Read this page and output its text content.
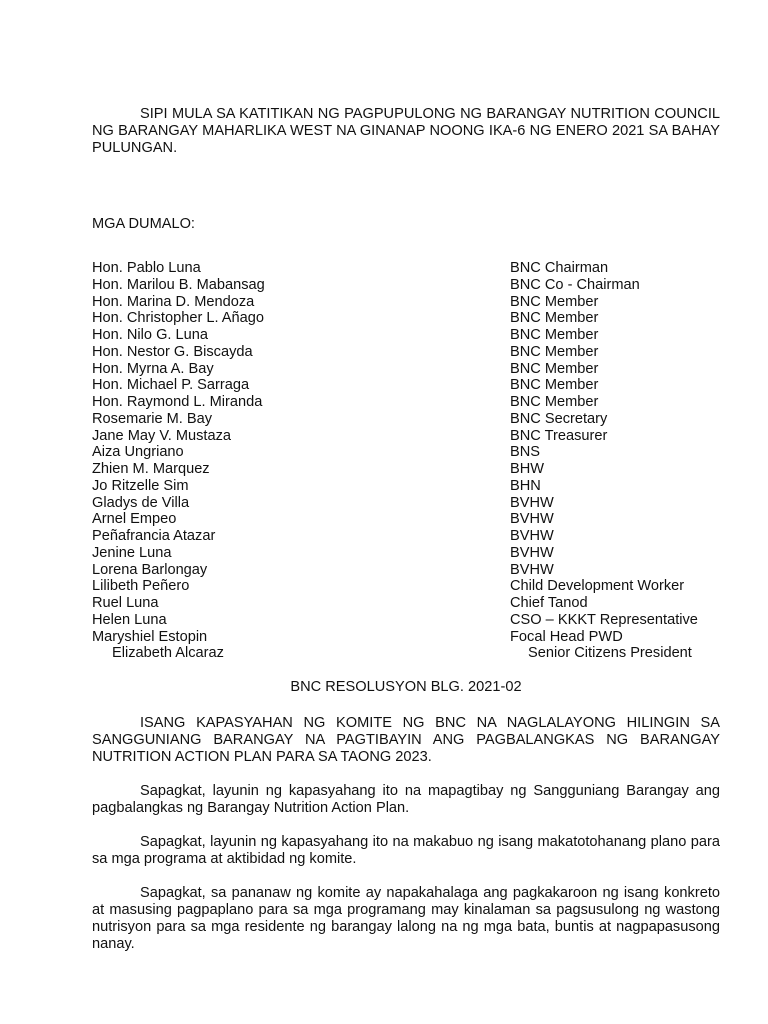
SIPI MULA SA KATITIKAN NG PAGPUPULONG NG BARANGAY NUTRITION COUNCIL NG BARANGAY MAHARLIKA WEST NA GINANAP NOONG IKA-6 NG ENERO 2021 SA BAHAY PULUNGAN.

MGA DUMALO:

Hon. Pablo Luna	BNC Chairman
Hon. Marilou B. Mabansag	BNC Co - Chairman
Hon. Marina D. Mendoza	BNC Member
Hon. Christopher L. Añago	BNC Member
Hon. Nilo G. Luna	BNC Member
Hon. Nestor G. Biscayda	BNC Member
Hon. Myrna A. Bay	BNC Member
Hon. Michael P. Sarraga	BNC Member
Hon. Raymond L. Miranda	BNC Member
Rosemarie M. Bay	BNC Secretary
Jane May V. Mustaza	BNC Treasurer
Aiza Ungriano	BNS
Zhien M. Marquez	BHW
Jo Ritzelle Sim	BHN
Gladys de Villa	BVHW
Arnel Empeo	BVHW
Peñafrancia Atazar	BVHW
Jenine Luna	BVHW
Lorena Barlongay	BVHW
Lilibeth Peñero	Child Development Worker
Ruel Luna	Chief Tanod
Helen Luna	CSO – KKKT Representative
Maryshiel Estopin	Focal Head PWD
Elizabeth Alcaraz	Senior Citizens President

BNC RESOLUSYON BLG. 2021-02

ISANG KAPASYAHAN NG KOMITE NG BNC NA NAGLALAYONG HILINGIN SA SANGGUNIANG BARANGAY NA PAGTIBAYIN ANG PAGBALANGKAS NG BARANGAY NUTRITION ACTION PLAN PARA SA TAONG 2023.

Sapagkat, layunin ng kapasyahang ito na mapagtibay ng Sangguniang Barangay ang pagbalangkas ng Barangay Nutrition Action Plan.

Sapagkat, layunin ng kapasyahang ito na makabuo ng isang makatotohanang plano para sa mga programa at aktibidad ng komite.

Sapagkat, sa pananaw ng komite ay napakahalaga ang pagkakaroon ng isang konkreto at masusing pagpaplano para sa mga programang may kinalaman sa pagsusulong ng wastong nutrisyon para sa mga residente ng barangay lalong na ng mga bata, buntis at nagpapasusong nanay.
